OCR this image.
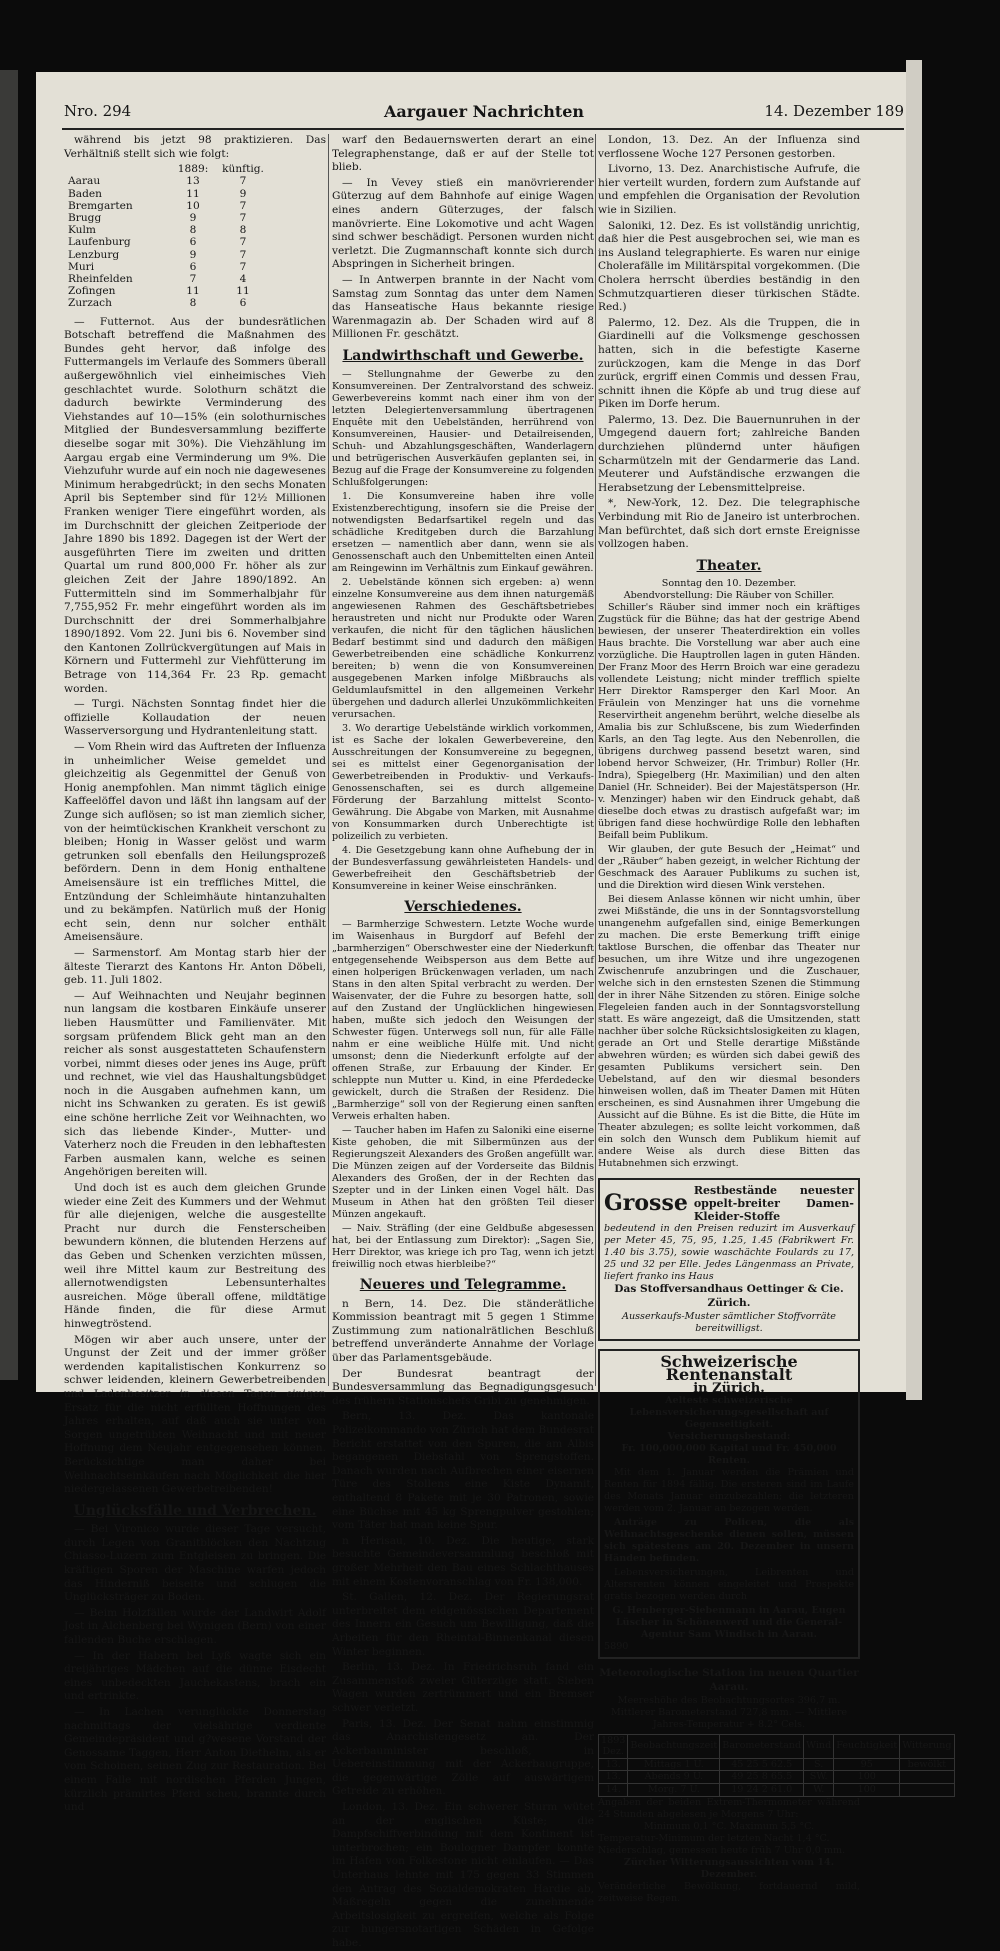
Nro. 294	Aargauer Nachrichten	14. Dezember 189

während bis jetzt 98 praktizieren. Das Verhältniß stellt sich wie folgt:

	1889:	künftig.
Aarau	13	7
Baden	11	9
Bremgarten	10	7
Brugg	9	7
Kulm	8	8
Laufenburg	6	7
Lenzburg	9	7
Muri	6	7
Rheinfelden	7	4
Zofingen	11	11
Zurzach	8	6

— Futternot. Aus der bundesrätlichen Botschaft betreffend die Maßnahmen des Bundes geht hervor, daß infolge des Futtermangels im Verlaufe des Sommers überall außergewöhnlich viel einheimisches Vieh geschlachtet wurde. Solothurn schätzt die dadurch bewirkte Verminderung des Viehstandes auf 10—15% (ein solothurnisches Mitglied der Bundesversammlung bezifferte dieselbe sogar mit 30%). Die Viehzählung im Aargau ergab eine Verminderung um 9%. Die Viehzufuhr wurde auf ein noch nie dagewesenes Minimum herabgedrückt; in den sechs Monaten April bis September sind für 12½ Millionen Franken weniger Tiere eingeführt worden, als im Durchschnitt der gleichen Zeitperiode der Jahre 1890 bis 1892. Dagegen ist der Wert der ausgeführten Tiere im zweiten und dritten Quartal um rund 800,000 Fr. höher als zur gleichen Zeit der Jahre 1890/1892. An Futtermitteln sind im Sommerhalbjahr für 7,755,952 Fr. mehr eingeführt worden als im Durchschnitt der drei Sommerhalbjahre 1890/1892. Vom 22. Juni bis 6. November sind den Kantonen Zollrückvergütungen auf Mais in Körnern und Futtermehl zur Viehfütterung im Betrage von 114,364 Fr. 23 Rp. gemacht worden.

— Turgi. Nächsten Sonntag findet hier die offizielle Kollaudation der neuen Wasserversorgung und Hydrantenleitung statt.

— Vom Rhein wird das Auftreten der Influenza in unheimlicher Weise gemeldet und gleichzeitig als Gegenmittel der Genuß von Honig anempfohlen. Man nimmt täglich einige Kaffeelöffel davon und läßt ihn langsam auf der Zunge sich auflösen; so ist man ziemlich sicher, von der heimtückischen Krankheit verschont zu bleiben; Honig in Wasser gelöst und warm getrunken soll ebenfalls den Heilungsprozeß befördern. Denn in dem Honig enthaltene Ameisensäure ist ein treffliches Mittel, die Entzündung der Schleimhäute hintanzuhalten und zu bekämpfen. Natürlich muß der Honig echt sein, denn nur solcher enthält Ameisensäure.

— Sarmenstorf. Am Montag starb hier der älteste Tierarzt des Kantons Hr. Anton Döbeli, geb. 11. Juli 1802.

— Auf Weihnachten und Neujahr beginnen nun langsam die kostbaren Einkäufe unserer lieben Hausmütter und Familienväter. Mit sorgsam prüfendem Blick geht man an den reicher als sonst ausgestatteten Schaufenstern vorbei, nimmt dieses oder jenes ins Auge, prüft und rechnet, wie viel das Haushaltungsbüdget noch in die Ausgaben aufnehmen kann, um nicht ins Schwanken zu geraten. Es ist gewiß eine schöne herrliche Zeit vor Weihnachten, wo sich das liebende Kinder-, Mutter- und Vaterherz noch die Freuden in den lebhaftesten Farben ausmalen kann, welche es seinen Angehörigen bereiten will.

Und doch ist es auch dem gleichen Grunde wieder eine Zeit des Kummers und der Wehmut für alle diejenigen, welche die ausgestellte Pracht nur durch die Fensterscheiben bewundern können, die blutenden Herzens auf das Geben und Schenken verzichten müssen, weil ihre Mittel kaum zur Bestreitung des allernotwendigsten Lebensunterhaltes ausreichen. Möge überall offene, mildtätige Hände finden, die für diese Armut hinwegtröstend.

Mögen wir aber auch unsere, unter der Ungunst der Zeit und der immer größer werdenden kapitalistischen Konkurrenz so schwer leidenden, kleinern Gewerbetreibenden und Ladenbesitzer in diesen Tagen einigen Ersatz für die nicht erfüllten Hoffnungen des Jahres erhalten, auf daß auch sie unter von Sorgen ungetrübten Weihnacht und mit neuer Hoffnung dem Neujahr entgegensehen können. Berücksichtige man daher bei Weihnachtseinkäufen nach Möglichkeit die hier niedergelassenen Gewerbetreibenden!

Unglücksfälle und Verbrechen.

— Bei Vironico wurde dieser Tage versucht, durch Legen von Granitblöcken den Nachtzug Chiasso-Luzern zum Entgleisen zu bringen. Die kräftigen Sporen der Maschine warfen jedoch das Hinderniß beiseite und schlugen die Unglücksträger zu Boden.

— Beim Holzfällen wurde der Landwirt Adolf Jost in Alchenberg bei Wynigen (Bern) von einer fallenden Buche erschlagen.

— In der Habern bei Lyß wagte sich ein dreijähriges Mädchen auf die dünne Eisdecht eines unbedeckten Jauchekastens, brach ein und ertrinkte.

— In Lachen verunglückte Donnerstag nachmittags der vielsährige verdiente Gemeindepräsident und g?wesene Vorstand der Genossame Taggen, Herr Anton Diethelm, als er vom Schoinen, seinen Zug zur Restauration. Bei einem Falle mit nordischen Pferden Jungen, kürzlich prämirtes Pferd scheu, brannte durch und

warf den Bedauernswerten derart an eine Telegraphenstange, daß er auf der Stelle tot blieb.

— In Vevey stieß ein manövrierender Güterzug auf dem Bahnhofe auf einige Wagen eines andern Güterzuges, der falsch manövrierte. Eine Lokomotive und acht Wagen sind schwer beschädigt. Personen wurden nicht verletzt. Die Zugmannschaft konnte sich durch Abspringen in Sicherheit bringen.

— In Antwerpen brannte in der Nacht vom Samstag zum Sonntag das unter dem Namen das Hanseatische Haus bekannte riesige Warenmagazin ab. Der Schaden wird auf 8 Millionen Fr. geschätzt.

Landwirthschaft und Gewerbe.

— Stellungnahme der Gewerbe zu den Konsumvereinen. Der Zentralvorstand des schweiz. Gewerbevereins kommt nach einer ihm von der letzten Delegiertenversammlung übertragenen Enquête mit den Uebelständen, herrührend von Konsumvereinen, Hausier- und Detailreisenden, Schuh- und Abzahlungsgeschäften, Wanderlagern und betrügerischen Ausverkäufen geplanten sei, in Bezug auf die Frage der Konsumvereine zu folgenden Schlußfolgerungen:

1. Die Konsumvereine haben ihre volle Existenzberechtigung, insofern sie die Preise der notwendigsten Bedarfsartikel regeln und das schädliche Kreditgeben durch die Barzahlung ersetzen — namentlich aber dann, wenn sie als Genossenschaft auch den Unbemittelten einen Anteil am Reingewinn im Verhältnis zum Einkauf gewähren.

2. Uebelstände können sich ergeben: a) wenn einzelne Konsumvereine aus dem ihnen naturgemäß angewiesenen Rahmen des Geschäftsbetriebes heraustreten und nicht nur Produkte oder Waren verkaufen, die nicht für den täglichen häuslichen Bedarf bestimmt sind und dadurch den mäßigen Gewerbetreibenden eine schädliche Konkurrenz bereiten; b) wenn die von Konsumvereinen ausgegebenen Marken infolge Mißbrauchs als Geldumlaufsmittel in den allgemeinen Verkehr übergehen und dadurch allerlei Unzukömmlichkeiten verursachen.

3. Wo derartige Uebelstände wirklich vorkommen, ist es Sache der lokalen Gewerbevereine, den Ausschreitungen der Konsumvereine zu begegnen, sei es mittelst einer Gegenorganisation der Gewerbetreibenden in Produktiv- und Verkaufs-Genossenschaften, sei es durch allgemeine Förderung der Barzahlung mittelst Sconto-Gewährung. Die Abgabe von Marken, mit Ausnahme von Konsummarken durch Unberechtigte ist polizeilich zu verbieten.

4. Die Gesetzgebung kann ohne Aufhebung der in der Bundesverfassung gewährleisteten Handels- und Gewerbefreiheit den Geschäftsbetrieb der Konsumvereine in keiner Weise einschränken.

Verschiedenes.

— Barmherzige Schwestern. Letzte Woche wurde im Waisenhaus in Burgdorf auf Befehl der „barmherzigen“ Oberschwester eine der Niederkunft entgegensehende Weibsperson aus dem Bette auf einen holperigen Brückenwagen verladen, um nach Stans in den alten Spital verbracht zu werden. Der Waisenvater, der die Fuhre zu besorgen hatte, soll auf den Zustand der Unglücklichen hingewiesen haben, mußte sich jedoch den Weisungen der Schwester fügen. Unterwegs soll nun, für alle Fälle nahm er eine weibliche Hülfe mit. Und nicht umsonst; denn die Niederkunft erfolgte auf der offenen Straße, zur Erbauung der Kinder. Er schleppte nun Mutter u. Kind, in eine Pferdedecke gewickelt, durch die Straßen der Residenz. Die „Barmherzige“ soll von der Regierung einen sanften Verweis erhalten haben.

— Taucher haben im Hafen zu Saloniki eine eiserne Kiste gehoben, die mit Silbermünzen aus der Regierungszeit Alexanders des Großen angefüllt war. Die Münzen zeigen auf der Vorderseite das Bildnis Alexanders des Großen, der in der Rechten das Szepter und in der Linken einen Vogel hält. Das Museum in Athen hat den größten Teil dieser Münzen angekauft.

— Naiv. Sträfling (der eine Geldbuße abgesessen hat, bei der Entlassung zum Direktor): „Sagen Sie, Herr Direktor, was kriege ich pro Tag, wenn ich jetzt freiwillig noch etwas hierbleibe?“

Neueres und Telegramme.

n Bern, 14. Dez. Die ständerätliche Kommission beantragt mit 5 gegen 1 Stimme Zustimmung zum nationalrätlichen Beschluß betreffend unveränderte Annahme der Vorlage über das Parlamentsgebäude.

Der Bundesrat beantragt der Bundesversammlung das Begnadigungsgesuch des frühern Stationschefs Gribi zu genehmigen.

Bern, 13. Dez. Das kantonale Polizeikommando von Zürich hat dem Bundesrat Bericht erstattet von den Spuren, die am Albis begangenen Diebstahl von Sprengstoffen. Danach wurden nach Aufbrechen einer eisernen Türe des Stollens eine Kiste Dynamit, enthaltend 8 Pakete mit je 30 Patronen, sowie eine Büchse mit 45 kg Sprengpulver gestohlen; vom Täter hat man keine Spur.

n Herisau, 10. Dez. Die heutige, stark besuchte Gemeindeversammlung beschloß mit großer Mehrheit den Bau eines Schlachthauses mit einem Kostenvoranschlag von Fr. 138,000.

St. Gallen, 12. Dez. Der Regierungsrat unterbreitet dem eidgenössischen Departement des Innern ein Gesuch um Bewilligung, daß die Arbeiten für den Rheintal-Binnenkanal diesen Winter beginnen.

Berlin, 13. Dez. In Friedrichsruh fand ein Zusammenstoß zweier Güterzüge statt. Sieben Wagen wurden zertrümmert und ein Bremser schwer verletzt.

Paris, 13. Dez. Der Senat nahm einstimmig das Anarchistengesetz an. Der Ackerbauminister beschloß, in Uebereinstimmung mit der Ackerbaugruppe, die gegenwärtige Zölle auf auswärtigem Getreide zu erhöhen.

London, 13. Dez. Ein schwerer Sturm wütet an der englischen Küste; die Dampfschiffverbindung mit dem Kontinent ist unterbrochen; ein Boulogner Dampfer konnte im Hafen von Folkestone nicht einlaufen. — Das Unterhaus lehnte mit 175 gegen 33 Stimmen den Antrag des Sozialdemokraten Hardie ab, Maßregeln gegen die zunehmende Arbeitslosigkeit zu ergreifen, welche als Folge zur hungersnotartigen Schäden in Gefolge habe.

London, 13. Dez. An der Influenza sind verflossene Woche 127 Personen gestorben.

Livorno, 13. Dez. Anarchistische Aufrufe, die hier verteilt wurden, fordern zum Aufstande auf und empfehlen die Organisation der Revolution wie in Sizilien.

Saloniki, 12. Dez. Es ist vollständig unrichtig, daß hier die Pest ausgebrochen sei, wie man es ins Ausland telegraphierte. Es waren nur einige Cholerafälle im Militärspital vorgekommen. (Die Cholera herrscht überdies beständig in den Schmutzquartieren dieser türkischen Städte. Red.)

Palermo, 12. Dez. Als die Truppen, die in Giardinelli auf die Volksmenge geschossen hatten, sich in die befestigte Kaserne zurückzogen, kam die Menge in das Dorf zurück, ergriff einen Commis und dessen Frau, schnitt ihnen die Köpfe ab und trug diese auf Piken im Dorfe herum.

Palermo, 13. Dez. Die Bauernunruhen in der Umgegend dauern fort; zahlreiche Banden durchziehen plündernd unter häufigen Scharmützeln mit der Gendarmerie das Land. Meuterer und Aufständische erzwangen die Herabsetzung der Lebensmittelpreise.

*, New-York, 12. Dez. Die telegraphische Verbindung mit Rio de Janeiro ist unterbrochen. Man befürchtet, daß sich dort ernste Ereignisse vollzogen haben.

Theater.
Sonntag den 10. Dezember.
Abendvorstellung: Die Räuber von Schiller.

Schiller's Räuber sind immer noch ein kräftiges Zugstück für die Bühne; das hat der gestrige Abend bewiesen, der unserer Theaterdirektion ein volles Haus brachte. Die Vorstellung war aber auch eine vorzügliche. Die Hauptrollen lagen in guten Händen. Der Franz Moor des Herrn Broich war eine geradezu vollendete Leistung; nicht minder trefflich spielte Herr Direktor Ramsperger den Karl Moor. An Fräulein von Menzinger hat uns die vornehme Reservirtheit angenehm berührt, welche dieselbe als Amalia bis zur Schlußscene, bis zum Wiederfinden Karls, an den Tag legte. Aus den Nebenrollen, die übrigens durchweg passend besetzt waren, sind lobend hervor Schweizer, (Hr. Trimbur) Roller (Hr. Indra), Spiegelberg (Hr. Maximilian) und den alten Daniel (Hr. Schneider). Bei der Majestätsperson (Hr. v. Menzinger) haben wir den Eindruck gehabt, daß dieselbe doch etwas zu drastisch aufgefaßt war; im übrigen fand diese hochwürdige Rolle den lebhaften Beifall beim Publikum.

Wir glauben, der gute Besuch der „Heimat“ und der „Räuber“ haben gezeigt, in welcher Richtung der Geschmack des Aarauer Publikums zu suchen ist, und die Direktion wird diesen Wink verstehen.

Bei diesem Anlasse können wir nicht umhin, über zwei Mißstände, die uns in der Sonntagsvorstellung unangenehm aufgefallen sind, einige Bemerkungen zu machen. Die erste Bemerkung trifft einige taktlose Burschen, die offenbar das Theater nur besuchen, um ihre Witze und ihre ungezogenen Zwischenrufe anzubringen und die Zuschauer, welche sich in den ernstesten Szenen die Stimmung der in ihrer Nähe Sitzenden zu stören. Einige solche Flegeleien fanden auch in der Sonntagsvorstellung statt. Es wäre angezeigt, daß die Umsitzenden, statt nachher über solche Rücksichtslosigkeiten zu klagen, gerade an Ort und Stelle derartige Mißstände abwehren würden; es würden sich dabei gewiß des gesamten Publikums versichert sein. Den Uebelstand, auf den wir diesmal besonders hinweisen wollen, daß im Theater Damen mit Hüten erscheinen, es sind Ausnahmen ihrer Umgebung die Aussicht auf die Bühne. Es ist die Bitte, die Hüte im Theater abzulegen; es sollte leicht vorkommen, daß ein solch den Wunsch dem Publikum hiemit auf andere Weise als durch diese Bitten das Hutabnehmen sich erzwingt.

Grosse Restbestände neuester oppelt-breiter Damen-Kleider-Stoffe
bedeutend in den Preisen reduzirt im Ausverkauf per Meter 45, 75, 95, 1.25, 1.45 (Fabrikwert Fr. 1.40 bis 3.75), sowie waschächte Foulards zu 17, 25 und 32 per Elle. Jedes Längenmass an Private, liefert franko ins Haus
Das Stoffversandhaus Oettinger & Cie. Zürich.
Ausserkaufs-Muster sämtlicher Stoffvorräte bereitwilligst.
Schweizerische Rentenanstalt
in Zürich.
Aelteste schweizerische Lebensversicherungsgesellschaft auf Gegenseitigkeit.
Versicherungsbestand:
Fr. 100,000,000 Kapital und Fr. 450,000 Renten.

Mit dem 1. Januar werden die Prämien und Renten für 1894 fällig. Die ersteren sind im Laufe des Monats Januar einzubezahlen; die letzteren werden vom 2. Januar an bezogen werden.

Anträge zu Policen, die als Weihnachtsgeschenke dienen sollen, müssen sich spätestens am 20. Dezember in unsern Händen befinden.

Lebensversicherungen, Leibrenten und Altersrenten können eingeleitet und Prospekte gratis bezogen werden durch

G. Henberger-Siebenmann in Aarau, Eugen Lüscher in Schönenwerd und die General-Agentur Sam Windisch in Aarau.
5890
Meteorologische Station im neuen Quartier Aarau.
Meereshöhe des Beobachtungsortes 396,7 m. Mittlerer Barometerstand 727,8 mm. — Mittlere Jahres-Temperatur + 8.2° Cels.
1893 Dez.	Beobachtungszeit	Barometerstand	Wind	Feuchtigkeit	Witterung
13.	Mittags 1 U.	45 25 5 62.5	S.	95	bewölkt
13.	Abends 9 U.	49 25 8 65.5	SW.	100	
14.	Morg. 7 U.	19 24 2 61.0	W.	100	
Angaben der beiden Extrem-Thermometer während 24 Stunden abgelesen je Morgens 7 Uhr:
Minimum 0,1 °C. Maximum 5,5 °C.
Temperatur-Minimum der letzten Nacht 1,4 °C.
Niederschlag, gemessen heute früh 7 Uhr 0,0 mm.
Zürcher Witterungsaussichten vom 14. Dezember.
Veränderliche Bewölkung, fortdauernd mild, zeitweise Regen.
